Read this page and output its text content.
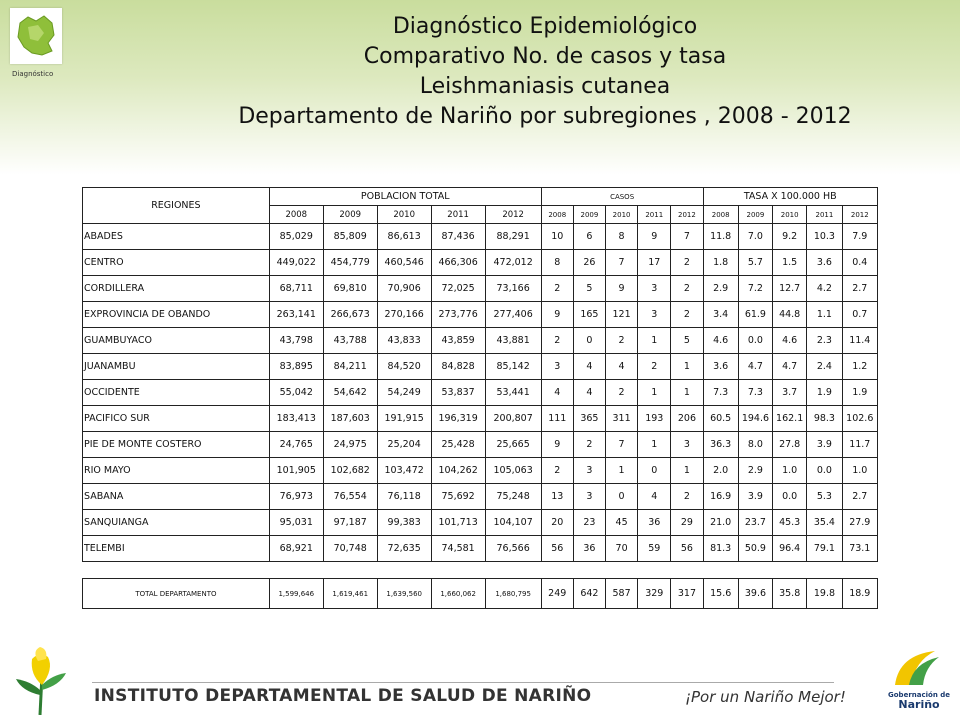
Diagnóstico
Diagnóstico Epidemiológico
Comparativo No. de casos y tasa
Leishmaniasis cutanea
Departamento de Nariño por subregiones , 2008 - 2012
REGIONES	POBLACION TOTAL					CASOS					TASA X 100.000 HB				
	2008	2009	2010	2011	2012	2008	2009	2010	2011	2012	2008	2009	2010	2011	2012
ABADES	85,029	85,809	86,613	87,436	88,291	10	6	8	9	7	11.8	7.0	9.2	10.3	7.9
CENTRO	449,022	454,779	460,546	466,306	472,012	8	26	7	17	2	1.8	5.7	1.5	3.6	0.4
CORDILLERA	68,711	69,810	70,906	72,025	73,166	2	5	9	3	2	2.9	7.2	12.7	4.2	2.7
EXPROVINCIA DE OBANDO	263,141	266,673	270,166	273,776	277,406	9	165	121	3	2	3.4	61.9	44.8	1.1	0.7
GUAMBUYACO	43,798	43,788	43,833	43,859	43,881	2	0	2	1	5	4.6	0.0	4.6	2.3	11.4
JUANAMBU	83,895	84,211	84,520	84,828	85,142	3	4	4	2	1	3.6	4.7	4.7	2.4	1.2
OCCIDENTE	55,042	54,642	54,249	53,837	53,441	4	4	2	1	1	7.3	7.3	3.7	1.9	1.9
PACIFICO SUR	183,413	187,603	191,915	196,319	200,807	111	365	311	193	206	60.5	194.6	162.1	98.3	102.6
PIE DE MONTE COSTERO	24,765	24,975	25,204	25,428	25,665	9	2	7	1	3	36.3	8.0	27.8	3.9	11.7
RIO MAYO	101,905	102,682	103,472	104,262	105,063	2	3	1	0	1	2.0	2.9	1.0	0.0	1.0
SABANA	76,973	76,554	76,118	75,692	75,248	13	3	0	4	2	16.9	3.9	0.0	5.3	2.7
SANQUIANGA	95,031	97,187	99,383	101,713	104,107	20	23	45	36	29	21.0	23.7	45.3	35.4	27.9
TELEMBI	68,921	70,748	72,635	74,581	76,566	56	36	70	59	56	81.3	50.9	96.4	79.1	73.1
TOTAL DEPARTAMENTO	1,599,646	1,619,461	1,639,560	1,660,062	1,680,795	249	642	587	329	317	15.6	39.6	35.8	19.8	18.9
INSTITUTO DEPARTAMENTAL DE SALUD DE NARIÑO	¡Por un Nariño Mejor!	Gobernación de
Nariño
